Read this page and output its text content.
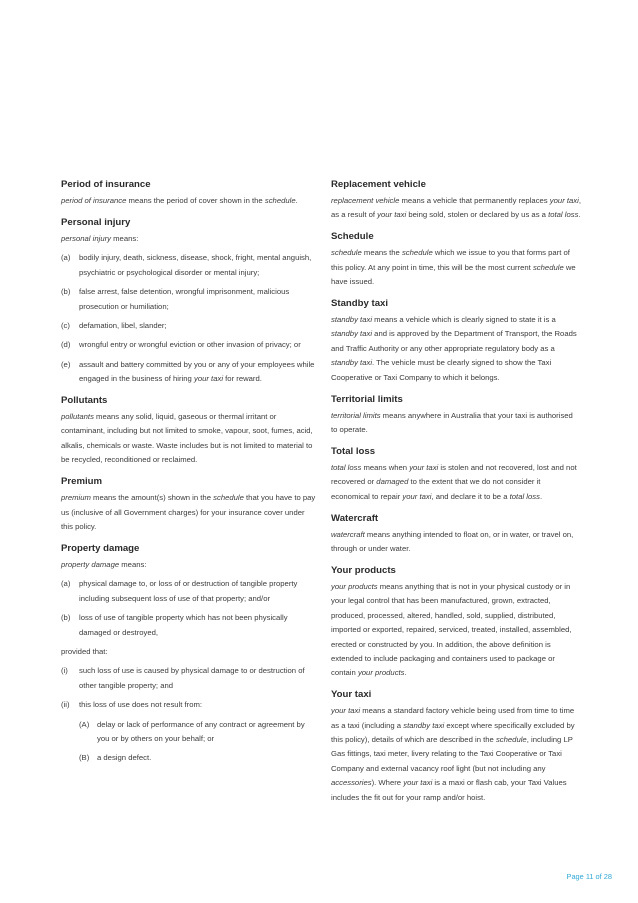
Period of insurance
period of insurance means the period of cover shown in the schedule.
Personal injury
personal injury means:
(a) bodily injury, death, sickness, disease, shock, fright, mental anguish, psychiatric or psychological disorder or mental injury;
(b) false arrest, false detention, wrongful imprisonment, malicious prosecution or humiliation;
(c) defamation, libel, slander;
(d) wrongful entry or wrongful eviction or other invasion of privacy; or
(e) assault and battery committed by you or any of your employees while engaged in the business of hiring your taxi for reward.
Pollutants
pollutants means any solid, liquid, gaseous or thermal irritant or contaminant, including but not limited to smoke, vapour, soot, fumes, acid, alkalis, chemicals or waste. Waste includes but is not limited to material to be recycled, reconditioned or reclaimed.
Premium
premium means the amount(s) shown in the schedule that you have to pay us (inclusive of all Government charges) for your insurance cover under this policy.
Property damage
property damage means:
(a) physical damage to, or loss of or destruction of tangible property including subsequent loss of use of that property; and/or
(b) loss of use of tangible property which has not been physically damaged or destroyed,
provided that:
(i) such loss of use is caused by physical damage to or destruction of other tangible property; and
(ii) this loss of use does not result from:
(A) delay or lack of performance of any contract or agreement by you or by others on your behalf; or
(B) a design defect.
Replacement vehicle
replacement vehicle means a vehicle that permanently replaces your taxi, as a result of your taxi being sold, stolen or declared by us as a total loss.
Schedule
schedule means the schedule which we issue to you that forms part of this policy. At any point in time, this will be the most current schedule we have issued.
Standby taxi
standby taxi means a vehicle which is clearly signed to state it is a standby taxi and is approved by the Department of Transport, the Roads and Traffic Authority or any other appropriate regulatory body as a standby taxi. The vehicle must be clearly signed to show the Taxi Cooperative or Taxi Company to which it belongs.
Territorial limits
territorial limits means anywhere in Australia that your taxi is authorised to operate.
Total loss
total loss means when your taxi is stolen and not recovered, lost and not recovered or damaged to the extent that we do not consider it economical to repair your taxi, and declare it to be a total loss.
Watercraft
watercraft means anything intended to float on, or in water, or travel on, through or under water.
Your products
your products means anything that is not in your physical custody or in your legal control that has been manufactured, grown, extracted, produced, processed, altered, handled, sold, supplied, distributed, imported or exported, repaired, serviced, treated, installed, assembled, erected or constructed by you. In addition, the above definition is extended to include packaging and containers used to package or contain your products.
Your taxi
your taxi means a standard factory vehicle being used from time to time as a taxi (including a standby taxi except where specifically excluded by this policy), details of which are described in the schedule, including LP Gas fittings, taxi meter, livery relating to the Taxi Cooperative or Taxi Company and external vacancy roof light (but not including any accessories). Where your taxi is a maxi or flash cab, your Taxi Values includes the fit out for your ramp and/or hoist.
Page 11 of 28
